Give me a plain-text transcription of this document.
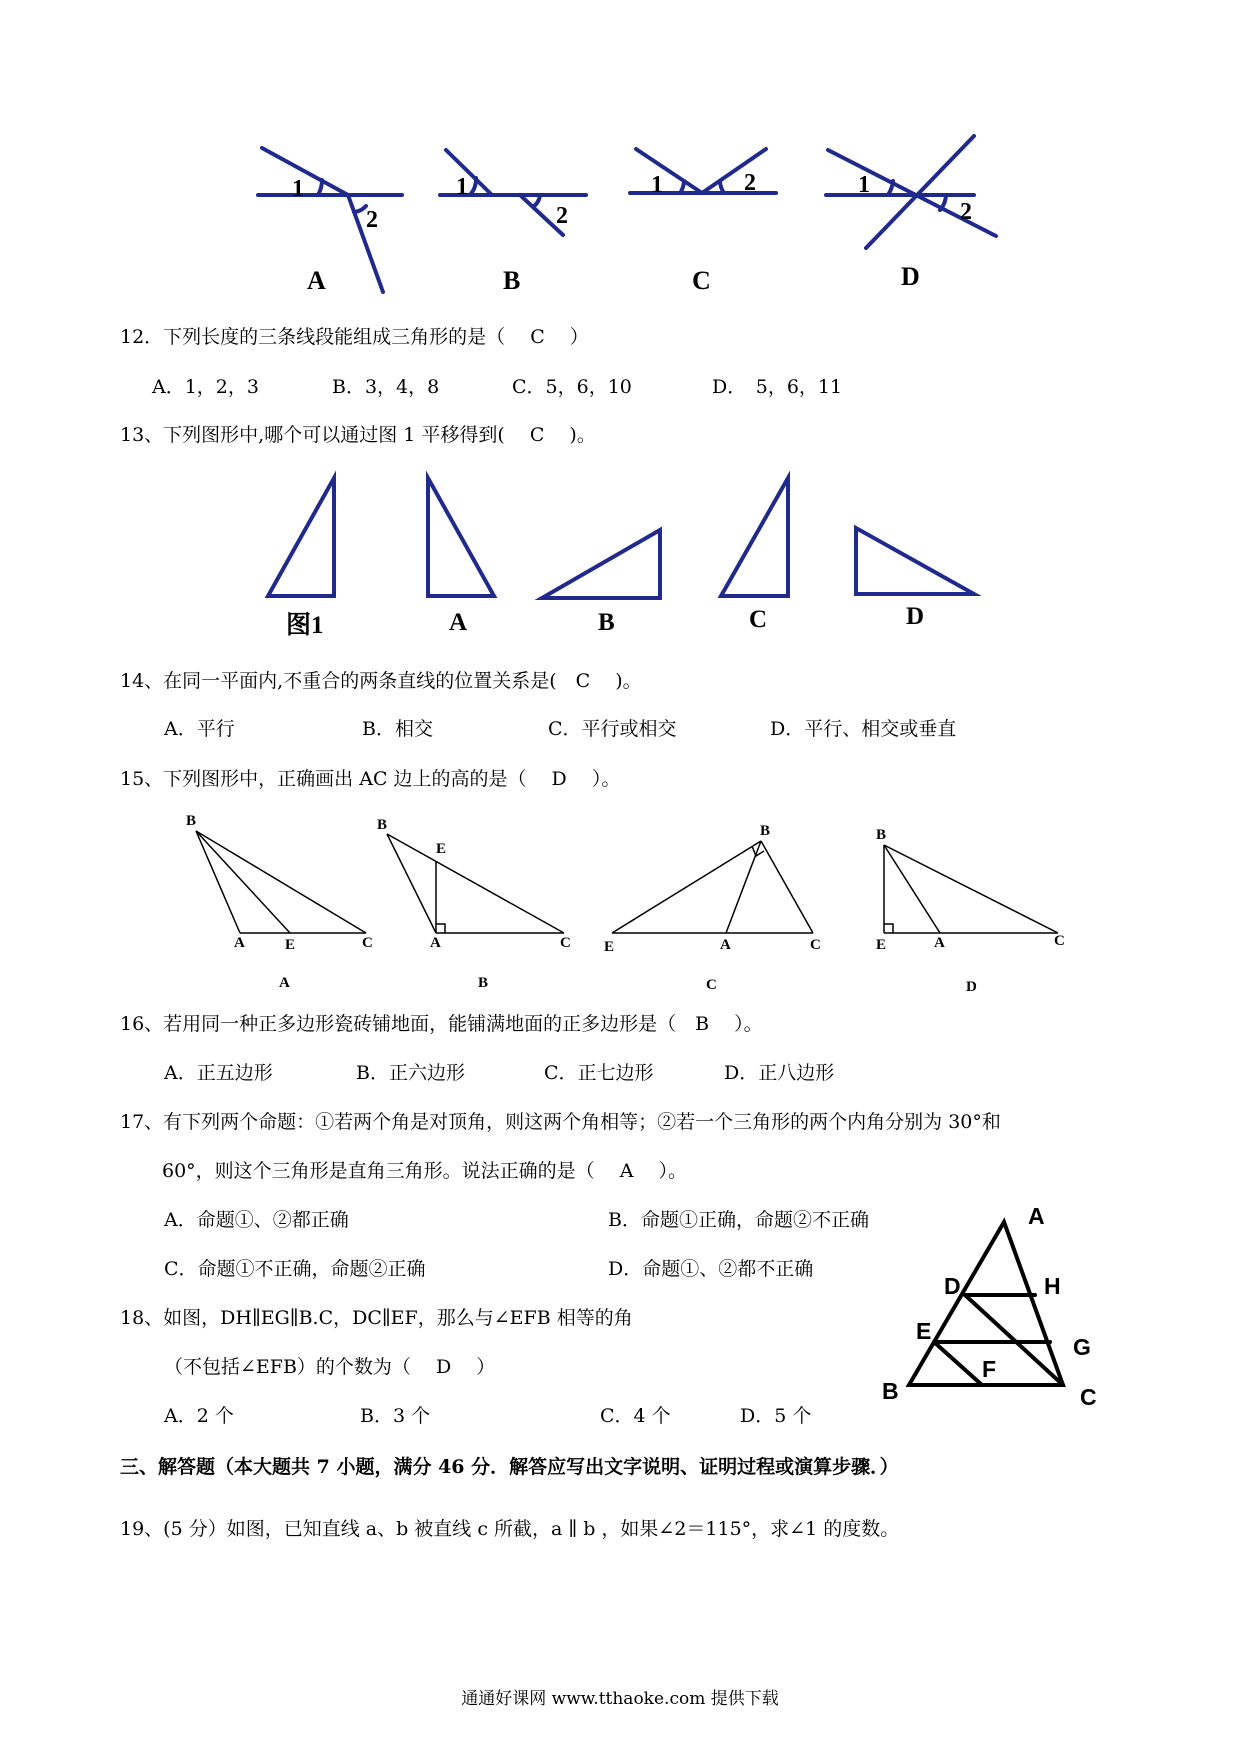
1
2
1
2
1	2	1
2
A	B	C	D
12．下列长度的三条线段能组成三角形的是（　 C　 ）
A．1，2，3	B．3，4，8	C．5，6，10	D．　5，6，11
13、下列图形中,哪个可以通过图 1 平移得到(　 C　 )。
图1	A	B	C	D
14、在同一平面内,不重合的两条直线的位置关系是(　C　 )。
A．平行	B．相交	C．平行或相交	D．平行、相交或垂直
15、下列图形中，正确画出 AC 边上的高的是（　 D　 ）。
B
A	E	C
B
E
A	C
B
E	A	C
B
E	A	C
A	B	C	D
16、若用同一种正多边形瓷砖铺地面，能铺满地面的正多边形是（　B　 ）。
A．正五边形	B．正六边形	C．正七边形	D．正八边形
17、有下列两个命题：①若两个角是对顶角，则这两个角相等；②若一个三角形的两个内角分别为 30°和
60°，则这个三角形是直角三角形。说法正确的是（　 A　 ）。
A．命题①、②都正确	B．命题①正确，命题②不正确
C．命题①不正确，命题②正确	D．命题①、②都不正确
18、如图，DH∥EG∥B.C，DC∥EF，那么与∠EFB 相等的角
（不包括∠EFB）的个数为（　 D　 ）
A．2 个	B．3 个	C．4 个	D．5 个
A
D	H
E
G
F
B	C
三、解答题（本大题共 7 小题，满分 46 分．解答应写出文字说明、证明过程或演算步骤．）
19、(5 分）如图，已知直线 a、b 被直线 c 所截，a ∥ b ，如果∠2＝115°，求∠1 的度数。
通通好课网 www.tthaoke.com 提供下载
